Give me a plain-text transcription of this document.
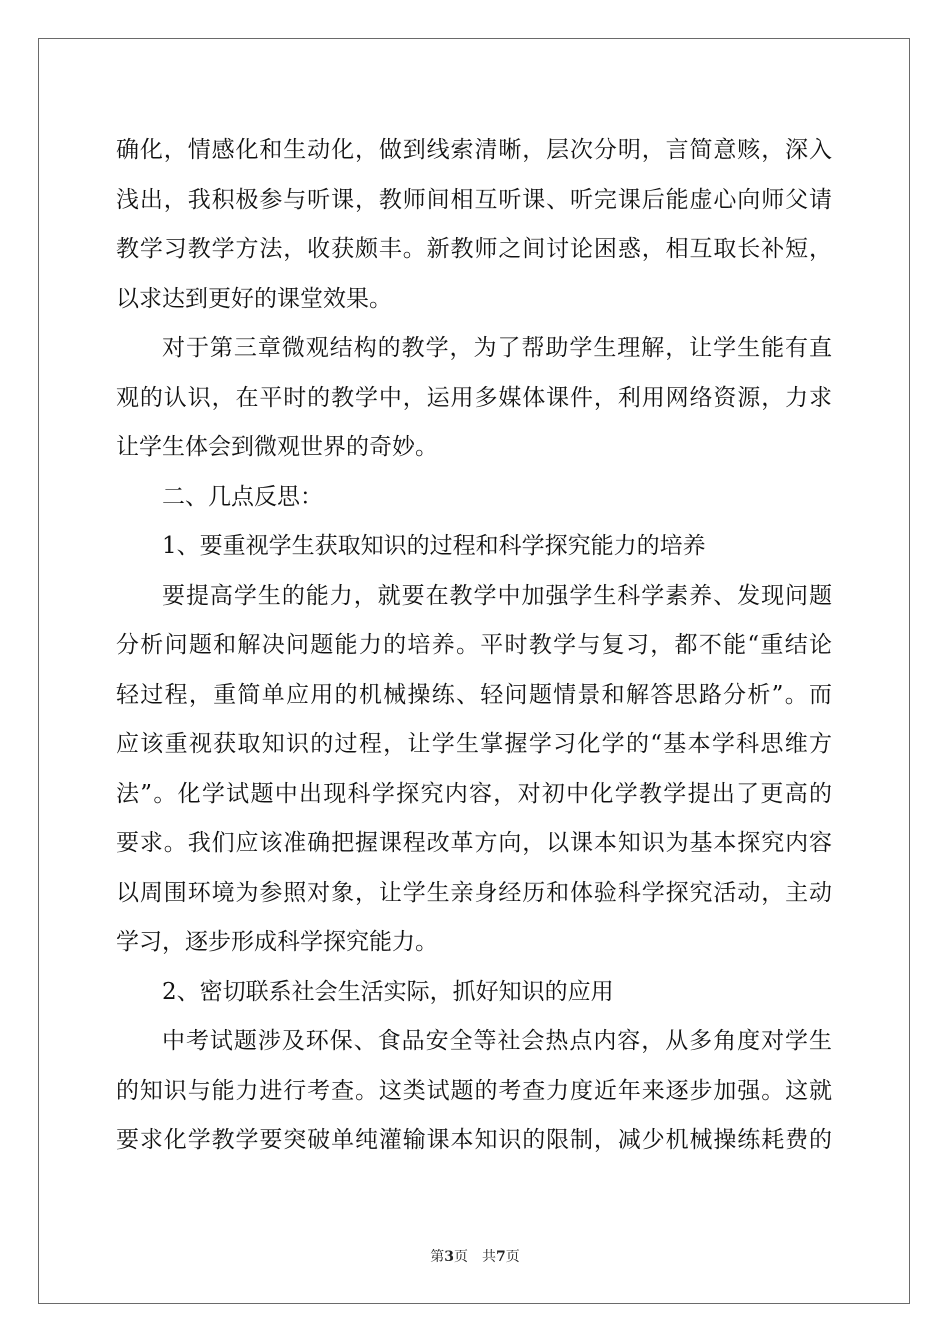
确化，情感化和生动化，做到线索清晰，层次分明，言简意赅，深入
浅出，我积极参与听课，教师间相互听课、听完课后能虚心向师父请
教学习教学方法，收获颇丰。新教师之间讨论困惑，相互取长补短，
以求达到更好的课堂效果。
对于第三章微观结构的教学，为了帮助学生理解，让学生能有直
观的认识，在平时的教学中，运用多媒体课件，利用网络资源，力求
让学生体会到微观世界的奇妙。
二、几点反思：
1、要重视学生获取知识的过程和科学探究能力的培养
要提高学生的能力，就要在教学中加强学生科学素养、发现问题
分析问题和解决问题能力的培养。平时教学与复习，都不能“重结论
轻过程，重简单应用的机械操练、轻问题情景和解答思路分析”。而
应该重视获取知识的过程，让学生掌握学习化学的“基本学科思维方
法”。化学试题中出现科学探究内容，对初中化学教学提出了更高的
要求。我们应该准确把握课程改革方向，以课本知识为基本探究内容
以周围环境为参照对象，让学生亲身经历和体验科学探究活动，主动
学习，逐步形成科学探究能力。
2、密切联系社会生活实际，抓好知识的应用
中考试题涉及环保、食品安全等社会热点内容，从多角度对学生
的知识与能力进行考查。这类试题的考查力度近年来逐步加强。这就
要求化学教学要突破单纯灌输课本知识的限制，减少机械操练耗费的
第3页 共7页
